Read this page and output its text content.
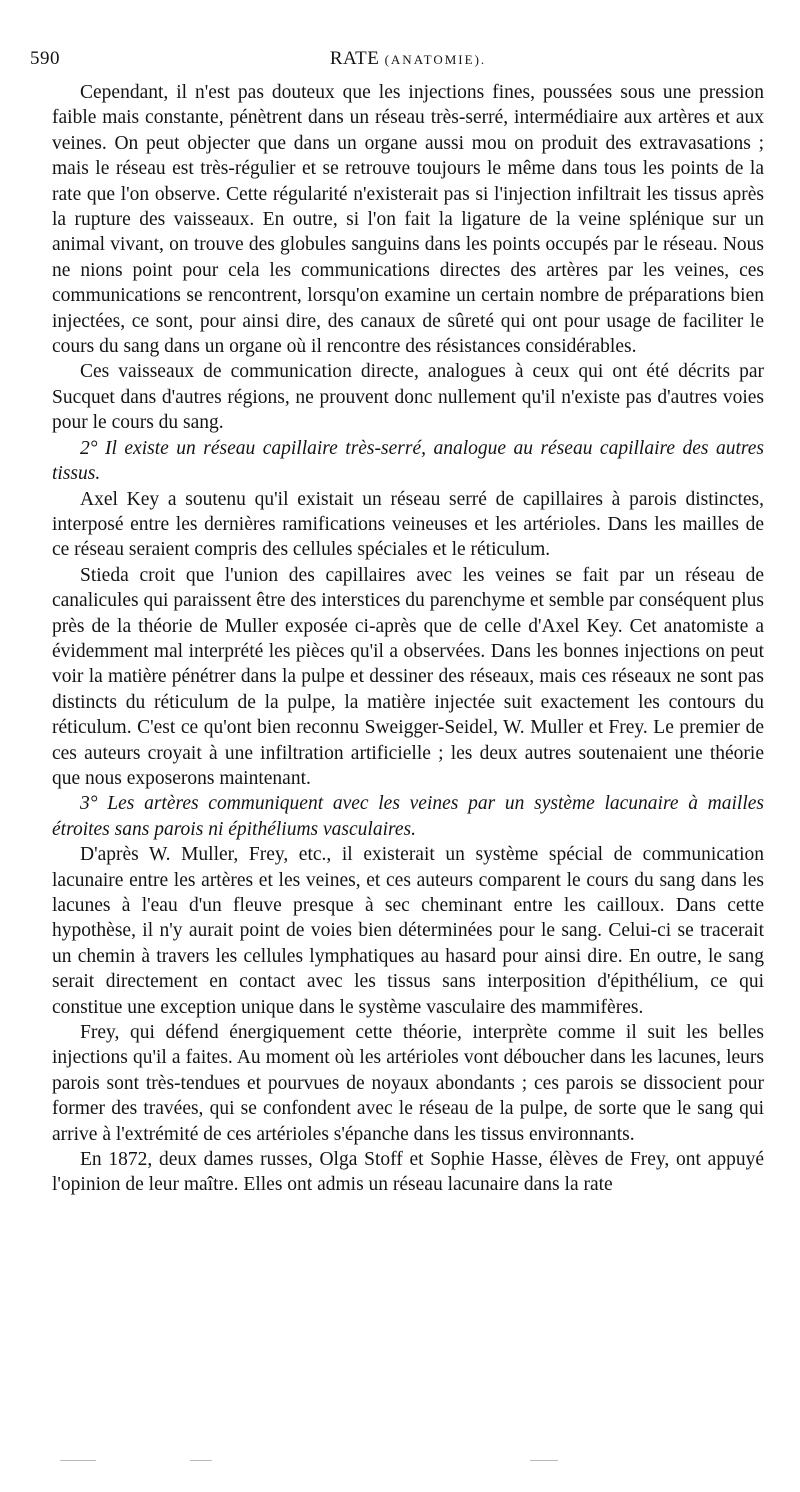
590	RATE (ANATOMIE).

Cependant, il n'est pas douteux que les injections fines, poussées sous une pression faible mais constante, pénètrent dans un réseau très-serré, intermédiaire aux artères et aux veines. On peut objecter que dans un organe aussi mou on produit des extravasations ; mais le réseau est très-régulier et se retrouve toujours le même dans tous les points de la rate que l'on observe. Cette régularité n'existerait pas si l'injection infiltrait les tissus après la rupture des vaisseaux. En outre, si l'on fait la ligature de la veine splénique sur un animal vivant, on trouve des globules sanguins dans les points occupés par le réseau. Nous ne nions point pour cela les communications directes des artères par les veines, ces communications se rencontrent, lorsqu'on examine un certain nombre de préparations bien injectées, ce sont, pour ainsi dire, des canaux de sûreté qui ont pour usage de faciliter le cours du sang dans un organe où il rencontre des résistances considérables.

Ces vaisseaux de communication directe, analogues à ceux qui ont été décrits par Sucquet dans d'autres régions, ne prouvent donc nullement qu'il n'existe pas d'autres voies pour le cours du sang.

2° Il existe un réseau capillaire très-serré, analogue au réseau capillaire des autres tissus.

Axel Key a soutenu qu'il existait un réseau serré de capillaires à parois distinctes, interposé entre les dernières ramifications veineuses et les artérioles. Dans les mailles de ce réseau seraient compris des cellules spéciales et le réticulum.

Stieda croit que l'union des capillaires avec les veines se fait par un réseau de canalicules qui paraissent être des interstices du parenchyme et semble par conséquent plus près de la théorie de Muller exposée ci-après que de celle d'Axel Key. Cet anatomiste a évidemment mal interprété les pièces qu'il a observées. Dans les bonnes injections on peut voir la matière pénétrer dans la pulpe et dessiner des réseaux, mais ces réseaux ne sont pas distincts du réticulum de la pulpe, la matière injectée suit exactement les contours du réticulum. C'est ce qu'ont bien reconnu Sweigger-Seidel, W. Muller et Frey. Le premier de ces auteurs croyait à une infiltration artificielle ; les deux autres soutenaient une théorie que nous exposerons maintenant.

3° Les artères communiquent avec les veines par un système lacunaire à mailles étroites sans parois ni épithéliums vasculaires.

D'après W. Muller, Frey, etc., il existerait un système spécial de communication lacunaire entre les artères et les veines, et ces auteurs comparent le cours du sang dans les lacunes à l'eau d'un fleuve presque à sec cheminant entre les cailloux. Dans cette hypothèse, il n'y aurait point de voies bien déterminées pour le sang. Celui-ci se tracerait un chemin à travers les cellules lymphatiques au hasard pour ainsi dire. En outre, le sang serait directement en contact avec les tissus sans interposition d'épithélium, ce qui constitue une exception unique dans le système vasculaire des mammifères.

Frey, qui défend énergiquement cette théorie, interprète comme il suit les belles injections qu'il a faites. Au moment où les artérioles vont déboucher dans les lacunes, leurs parois sont très-tendues et pourvues de noyaux abondants ; ces parois se dissocient pour former des travées, qui se confondent avec le réseau de la pulpe, de sorte que le sang qui arrive à l'extrémité de ces artérioles s'épanche dans les tissus environnants.

En 1872, deux dames russes, Olga Stoff et Sophie Hasse, élèves de Frey, ont appuyé l'opinion de leur maître. Elles ont admis un réseau lacunaire dans la rate
